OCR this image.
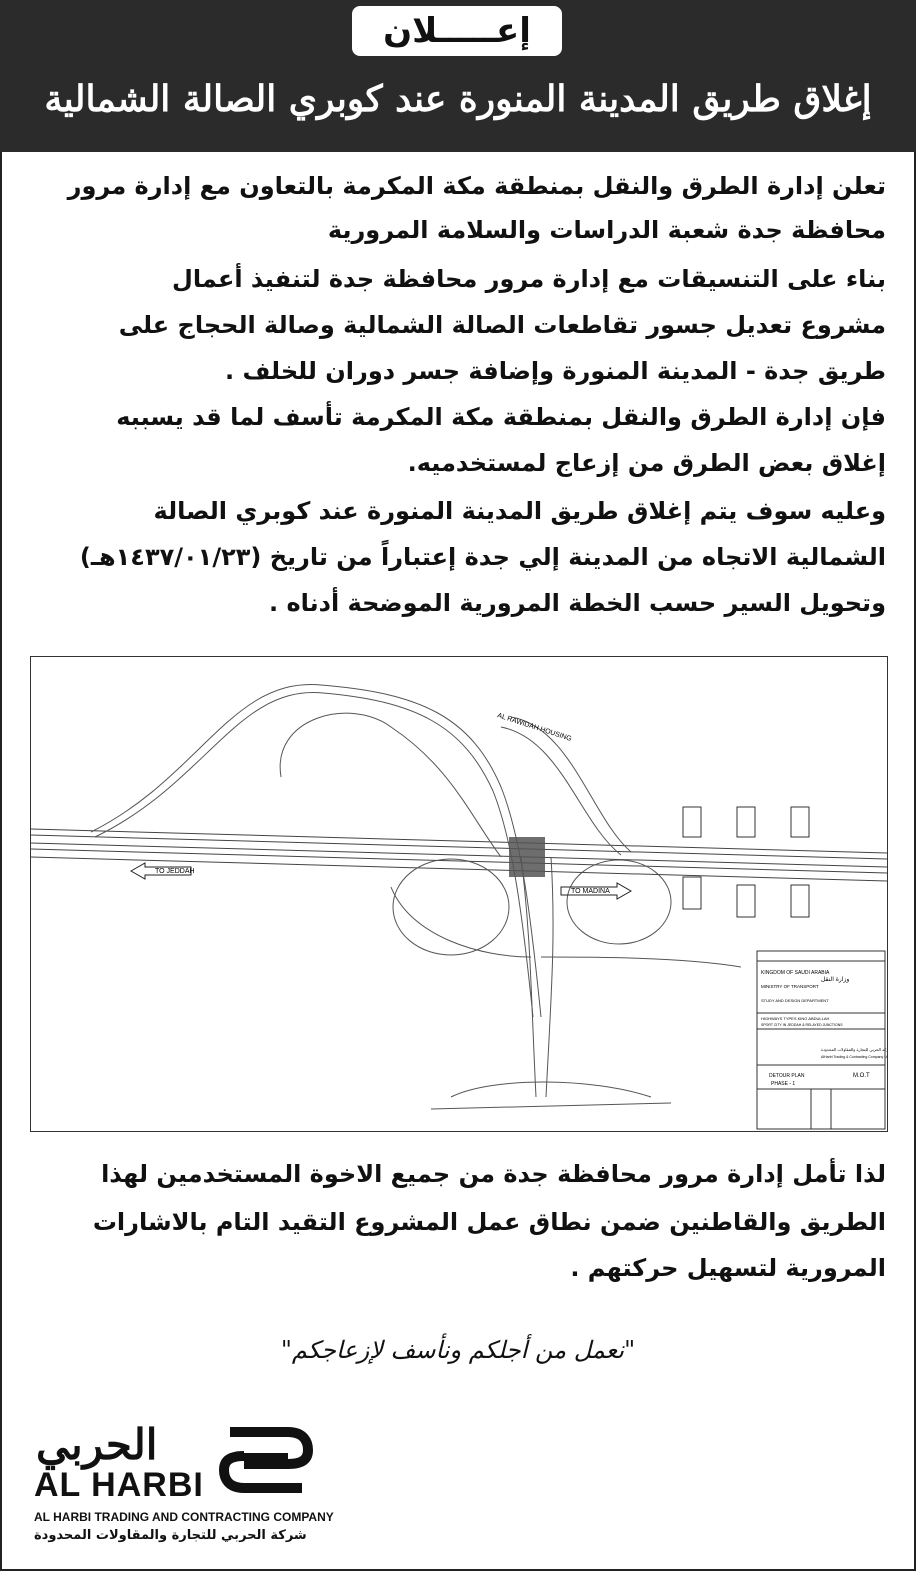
إعـــــلان
إغلاق طريق المدينة المنورة عند كوبري الصالة الشمالية
تعلن إدارة الطرق والنقل بمنطقة مكة المكرمة بالتعاون مع إدارة مرور
محافظة جدة شعبة الدراسات والسلامة المرورية
بناء على التنسيقات مع إدارة مرور محافظة جدة لتنفيذ أعمال
مشروع تعديل جسور تقاطعات الصالة الشمالية وصالة الحجاج على
طريق جدة - المدينة المنورة وإضافة جسر دوران للخلف .
فإن إدارة الطرق والنقل بمنطقة مكة المكرمة تأسف لما قد يسببه
إغلاق بعض الطرق من إزعاج لمستخدميه.
وعليه سوف يتم إغلاق طريق المدينة المنورة عند كوبري الصالة
الشمالية الاتجاه من المدينة إلي جدة إعتباراً من تاريخ (١٤٣٧/٠١/٢٣هـ)
وتحويل السير حسب الخطة المرورية الموضحة أدناه .
TO JEDDAH
TO MADINA
AL RAWIDAH HOUSING
KINGDOM OF SAUDI ARABIA
وزارة النقل
MINISTRY OF TRANSPORT
STUDY AND DESIGN DEPARTMENT
HIGHWAYS TYPES KING ABDULLAH
SPORT CITY IN JEDDAH & RELAYED JUNCTIONS
شركة الحربي للتجارة والمقاولات المحدودة
AlHarbi Trading & Contracting Company Ltd.
M.O.T
DETOUR PLAN
PHASE - 1
لذا تأمل إدارة مرور محافظة جدة من جميع الاخوة المستخدمين لهذا
الطريق والقاطنين ضمن نطاق عمل المشروع التقيد التام بالاشارات
المرورية لتسهيل حركتهم .
"نعمل من أجلكم ونأسف لإزعاجكم"
الحربي
AL HARBI
AL HARBI TRADING AND CONTRACTING COMPANY
شركة الحربي للتجارة والمقاولات المحدودة
